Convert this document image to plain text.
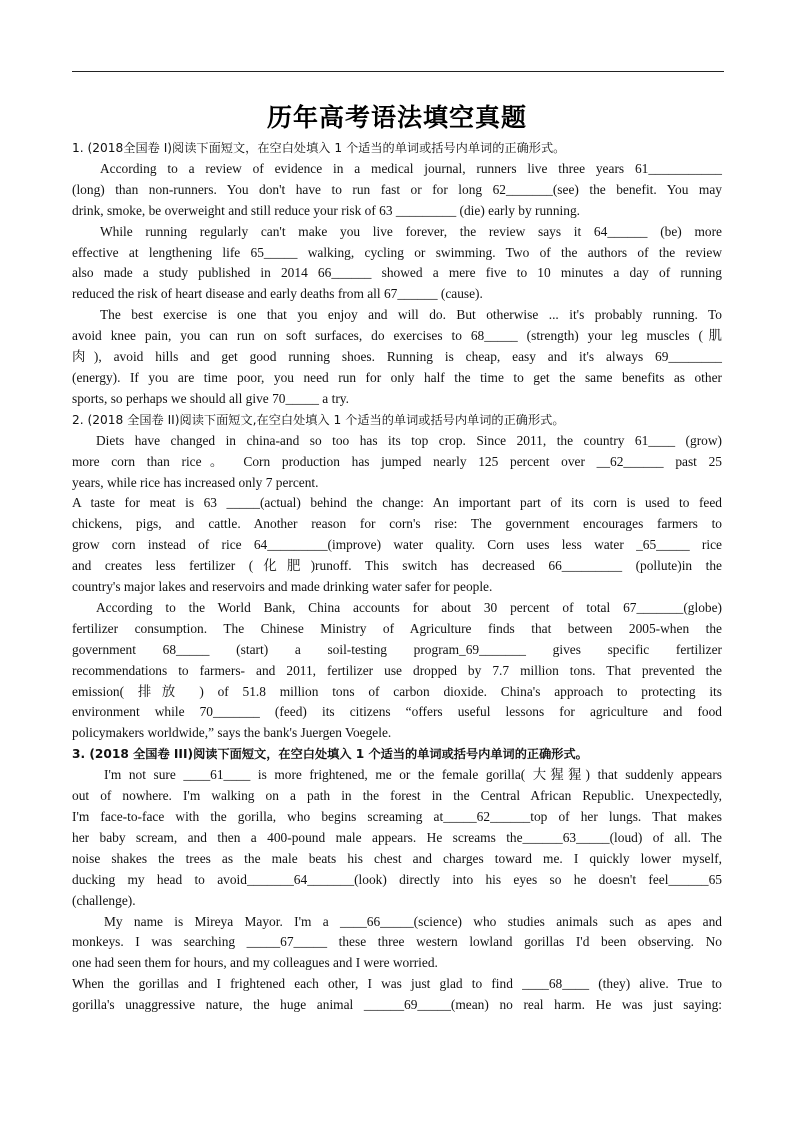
历年高考语法填空真题
1. (2018全国卷 I)阅读下面短文，在空白处填入 1 个适当的单词或括号内单词的正确形式。
According to a review of evidence in a medical journal, runners live three years 61___________
(long) than non-runners. You don't have to run fast or for long 62_______(see) the benefit. You may
drink, smoke, be overweight and still reduce your risk of 63 _________ (die) early by running.
While running regularly can't make you live forever, the review says it 64______ (be) more
effective at lengthening life 65_____ walking, cycling or swimming. Two of the authors of the review
also made a study published in 2014 66______ showed a mere five to 10 minutes a day of running
reduced the risk of heart disease and early deaths from all 67______ (cause).
The best exercise is one that you enjoy and will do. But otherwise ... it's probably running. To
avoid knee pain, you can run on soft surfaces, do exercises to 68_____ (strength) your leg muscles (肌
肉), avoid hills and get good running shoes. Running is cheap, easy and it's always 69________
(energy). If you are time poor, you need run for only half the time to get the same benefits as other
sports, so perhaps we should all give 70_____ a try.
2. (2018 全国卷 II)阅读下面短文,在空白处填入 1 个适当的单词或括号内单词的正确形式。
Diets have changed in china-and so too has its top crop. Since 2011, the country 61____ (grow)
more corn than rice。 Corn production has jumped nearly 125 percent over __62______ past 25
years, while rice has increased only 7 percent.
A taste for meat is 63 _____(actual) behind the change: An important part of its corn is used to feed
chickens, pigs, and cattle. Another reason for corn's rise: The government encourages farmers to
grow corn instead of rice 64_________(improve) water quality. Corn uses less water _65_____ rice
and creates less fertilizer (化肥)runoff. This switch has decreased 66_________ (pollute)in the
country's major lakes and reservoirs and made drinking water safer for people.
According to the World Bank, China accounts for about 30 percent of total 67_______(globe)
fertilizer consumption. The Chinese Ministry of Agriculture finds that between 2005-when the
government 68_____ (start) a soil-testing program_69_______ gives specific fertilizer
recommendations to farmers- and 2011, fertilizer use dropped by 7.7 million tons. That prevented the
emission( 排放 ) of 51.8 million tons of carbon dioxide. China's approach to protecting its
environment while 70_______ (feed) its citizens “offers useful lessons for agriculture and food
policymakers worldwide,” says the bank's Juergen Voegele.
3. (2018 全国卷 III)阅读下面短文，在空白处填入 1 个适当的单词或括号内单词的正确形式。
I'm not sure ____61____ is more frightened, me or the female gorilla( 大猩猩) that suddenly appears
out of nowhere. I'm walking on a path in the forest in the Central African Republic. Unexpectedly,
I'm face-to-face with the gorilla, who begins screaming at_____62______top of her lungs. That makes
her baby scream, and then a 400-pound male appears. He screams the______63_____(loud) of all. The
noise shakes the trees as the male beats his chest and charges toward me. I quickly lower myself,
ducking my head to avoid_______64_______(look) directly into his eyes so he doesn't feel______65
(challenge).
My name is Mireya Mayor. I'm a ____66_____(science) who studies animals such as apes and
monkeys. I was searching _____67_____ these three western lowland gorillas I'd been observing. No
one had seen them for hours, and my colleagues and I were worried.
When the gorillas and I frightened each other, I was just glad to find ____68____ (they) alive. True to
gorilla's unaggressive nature, the huge animal ______69_____(mean) no real harm. He was just saying:
